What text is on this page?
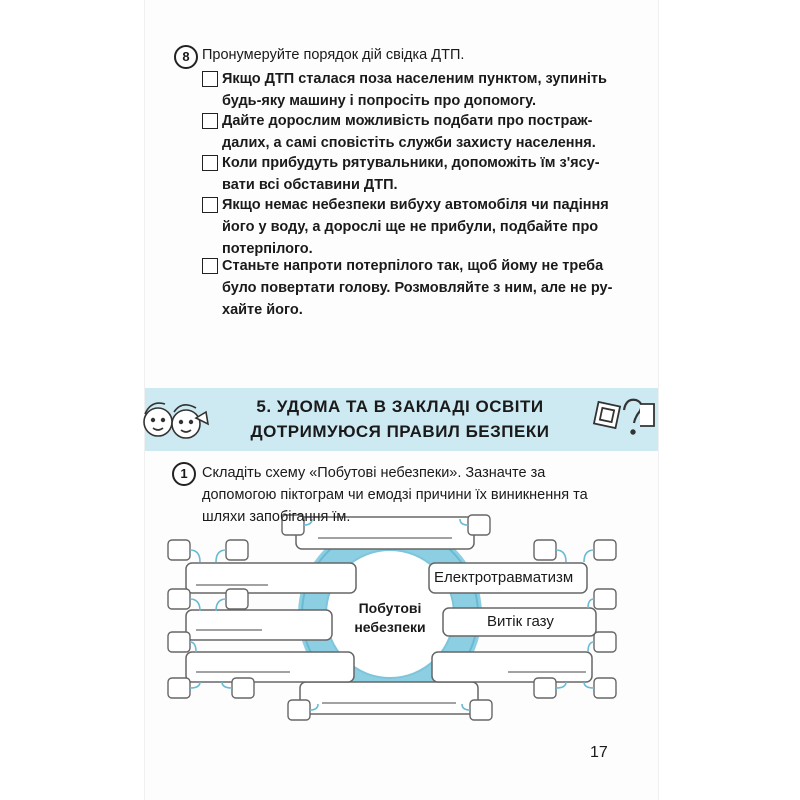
8 Пронумеруйте порядок дій свідка ДТП.
Якщо ДТП сталася поза населеним пунктом, зупиніть будь-яку машину і попросіть про допомогу.
Дайте дорослим можливість подбати про постраждалих, а самі сповістіть служби захисту населення.
Коли прибудуть рятувальники, допоможіть їм з'ясувати всі обставини ДТП.
Якщо немає небезпеки вибуху автомобіля чи падіння його у воду, а дорослі ще не прибули, подбайте про потерпілого.
Станьте напроти потерпілого так, щоб йому не треба було повертати голову. Розмовляйте з ним, але не рухайте його.
5. УДОМА ТА В ЗАКЛАДІ ОСВІТИ
ДОТРИМУЮСЯ ПРАВИЛ БЕЗПЕКИ
1 Складіть схему «Побутові небезпеки». Зазначте за допомогою піктограм чи емодзі причини їх виникнення та шляхи запобігання їм.
Побутові
небезпеки
Електротравматизм
Витік газу
17
